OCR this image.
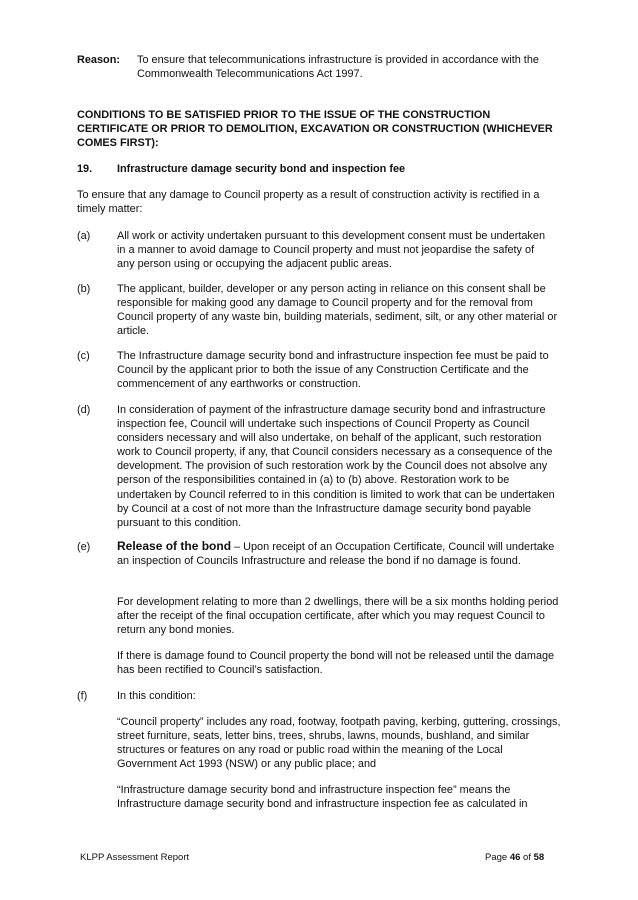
Reason: To ensure that telecommunications infrastructure is provided in accordance with the Commonwealth Telecommunications Act 1997.
CONDITIONS TO BE SATISFIED PRIOR TO THE ISSUE OF THE CONSTRUCTION CERTIFICATE OR PRIOR TO DEMOLITION, EXCAVATION OR CONSTRUCTION (WHICHEVER COMES FIRST):
19. Infrastructure damage security bond and inspection fee
To ensure that any damage to Council property as a result of construction activity is rectified in a timely matter:
(a) All work or activity undertaken pursuant to this development consent must be undertaken in a manner to avoid damage to Council property and must not jeopardise the safety of any person using or occupying the adjacent public areas.
(b) The applicant, builder, developer or any person acting in reliance on this consent shall be responsible for making good any damage to Council property and for the removal from Council property of any waste bin, building materials, sediment, silt, or any other material or article.
(c)	The Infrastructure damage security bond and infrastructure inspection fee must be paid to Council by the applicant prior to both the issue of any Construction Certificate and the commencement of any earthworks or construction.
(d) In consideration of payment of the infrastructure damage security bond and infrastructure inspection fee, Council will undertake such inspections of Council Property as Council considers necessary and will also undertake, on behalf of the applicant, such restoration work to Council property, if any, that Council considers necessary as a consequence of the development. The provision of such restoration work by the Council does not absolve any person of the responsibilities contained in (a) to (b) above. Restoration work to be undertaken by Council referred to in this condition is limited to work that can be undertaken by Council at a cost of not more than the Infrastructure damage security bond payable pursuant to this condition.
(e) Release of the bond – Upon receipt of an Occupation Certificate, Council will undertake an inspection of Councils Infrastructure and release the bond if no damage is found.
For development relating to more than 2 dwellings, there will be a six months holding period after the receipt of the final occupation certificate, after which you may request Council to return any bond monies.
If there is damage found to Council property the bond will not be released until the damage has been rectified to Council’s satisfaction.
(f)	In this condition:
“Council property” includes any road, footway, footpath paving, kerbing, guttering, crossings, street furniture, seats, letter bins, trees, shrubs, lawns, mounds, bushland, and similar structures or features on any road or public road within the meaning of the Local Government Act 1993 (NSW) or any public place; and
“Infrastructure damage security bond and infrastructure inspection fee” means the Infrastructure damage security bond and infrastructure inspection fee as calculated in
KLPP Assessment Report	Page 46 of 58
